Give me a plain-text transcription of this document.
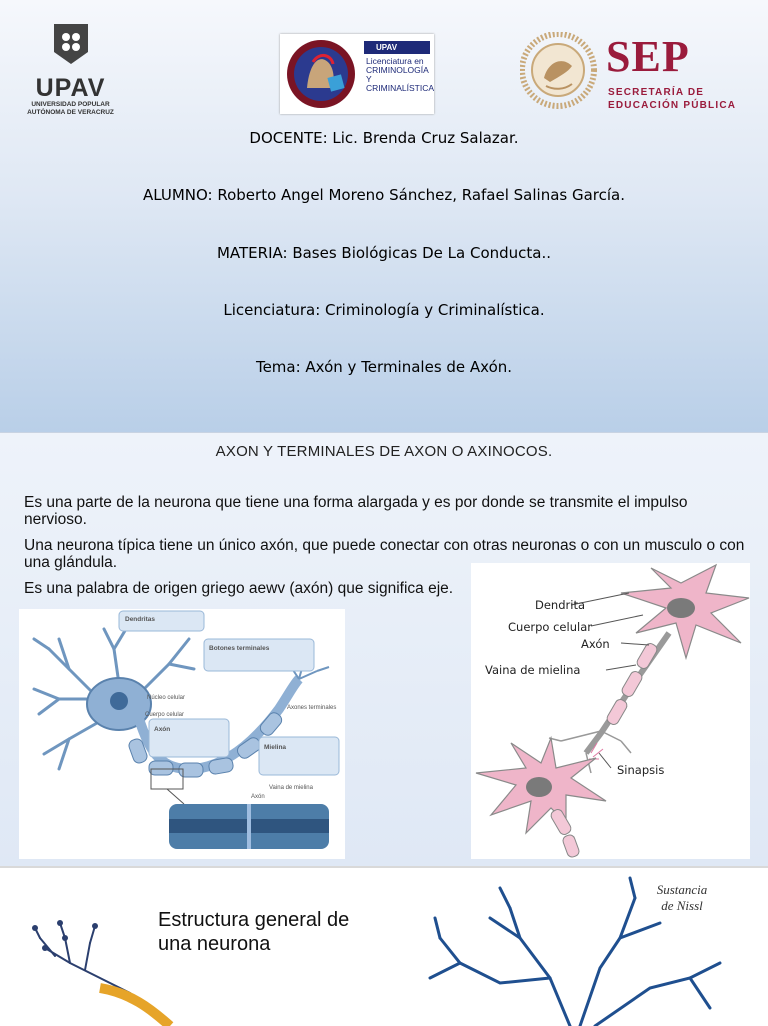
UPAV
UNIVERSIDAD POPULAR
AUTÓNOMA DE VERACRUZ
UPAV
Licenciatura en
CRIMINOLOGÍA Y
CRIMINALÍSTICA
SEP
SECRETARÍA DE
EDUCACIÓN PÚBLICA
DOCENTE: Lic. Brenda Cruz Salazar.
ALUMNO: Roberto Angel Moreno Sánchez, Rafael Salinas García.
MATERIA: Bases Biológicas De La Conducta..
Licenciatura: Criminología y Criminalística.
Tema: Axón y Terminales de Axón.
AXON Y TERMINALES DE AXON O AXINOCOS.
Es una parte de la neurona que tiene una forma alargada y es por donde se transmite el impulso nervioso.
Una neurona típica tiene un único axón, que puede conectar con otras neuronas o con un musculo o con una glándula.
Es una palabra de origen griego aewv (axón) que significa eje.
Dendritas
Botones terminales
Axón
Mielina
Núcleo celular
Cuerpo celular
Axones terminales
Vaina de mielina
Axón
Dendrita
Cuerpo celular
Axón
Vaina de mielina
Sinapsis
Estructura general de
una neurona
Sustancia
de Nissl
